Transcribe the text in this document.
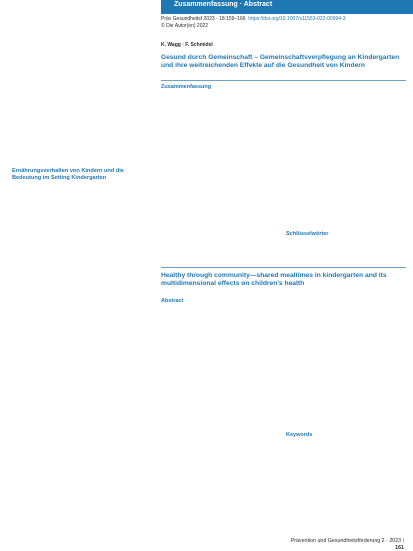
Zusammenfassung · Abstract
Ernährungsverhalten von Kindern und die Bedeutung im Setting Kindergarten
Präv Gesundheitsf 2023 · 18:159–166 https://doi.org/10.1007/s11553-022-00994-3
© Die Autor(en) 2022
K. Wagg · F. Schmidel
Gesund durch Gemeinschaft – Gemeinschaftsverpflegung an Kindergarten und ihre weitreichenden Effekte auf die Gesundheit von Kindern
Zusammenfassung
Schlüsselwörter
Healthy through community—shared mealtimes in kindergarten and its multidimensional effects on children’s health
Abstract
Keywords
Prävention und Gesundheitsförderung 2 · 2023 | 161
